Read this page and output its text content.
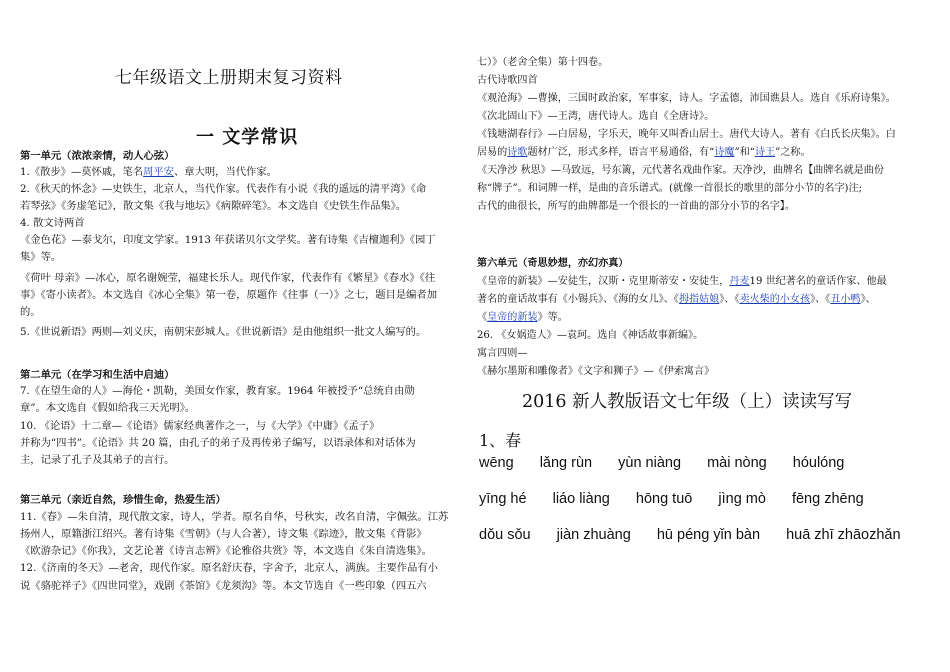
七年级语文上册期末复习资料
一 文学常识
第一单元（浓浓亲情，动人心弦）
1.《散步》—莫怀戚，笔名周平安、章大明，当代作家。
2.《秋天的怀念》—史铁生，北京人，当代作家。代表作有小说《我的遥远的清平湾》《命
若琴弦》《务虚笔记》，散文集《我与地坛》《病隙碎笔》。本文选自《史铁生作品集》。
4. 散文诗两首
《金色花》—泰戈尔，印度文学家。1913 年获诺贝尔文学奖。著有诗集《吉檀迦利》《园丁
集》等。
《荷叶 母亲》—冰心，原名谢婉莹，福建长乐人。现代作家，代表作有《繁星》《春水》《往
事》《寄小读者》。本文选自《冰心全集》第一卷，原题作《往事（一）》之七，题目是编者加
的。
5.《世说新语》两则—刘义庆，南朝宋彭城人。《世说新语》是由他组织一批文人编写的。
第二单元（在学习和生活中启迪）
7.《在望生命的人》—海伦・凯勒，美国女作家，教育家。1964 年被授予“总统自由勋
章”。本文选自《假如给我三天光明》。
10. 《论语》十二章—《论语》儒家经典著作之一，与《大学》《中庸》《孟子》
并称为“四书”。《论语》共 20 篇，由孔子的弟子及再传弟子编写，以语录体和对话体为
主，记录了孔子及其弟子的言行。
第三单元（亲近自然，珍惜生命，热爱生活）
11.《春》—朱自清，现代散文家，诗人，学者。原名自华，号秋实，改名自清，字佩弦。江苏
扬州人，原籍浙江绍兴。著有诗集《雪朝》（与人合著），诗文集《踪迹》，散文集《背影》
《欧游杂记》《你我》，文艺论著《诗言志辨》《论雅俗共赏》等，本文选自《朱自清选集》。
12.《济南的冬天》—老舍，现代作家。原名舒庆春，字舍予，北京人，满族。主要作品有小
说《骆驼祥子》《四世同堂》，戏剧《茶馆》《龙须沟》等。本文节选自《一些印象（四五六
七）》（老舍全集）第十四卷。
古代诗歌四首
《观沧海》—曹操，三国时政治家，军事家，诗人。字孟德，沛国谯县人。选自《乐府诗集》。
《次北固山下》—王湾，唐代诗人。选自《全唐诗》。
《钱塘湖春行》—白居易，字乐天，晚年又叫香山居士。唐代大诗人。著有《白氏长庆集》。白
居易的诗歌题材广泛，形式多样，语言平易通俗，有“诗魔”和“诗王”之称。
《天净沙 秋思》—马致远，号东篱，元代著名戏曲作家。天净沙，曲牌名【曲牌名就是曲份
称“牌子”。和词牌一样，是曲的音乐谱式。(就像一首很长的歌里的部分小节的名字)注;
古代的曲很长，所写的曲牌都是一个很长的一首曲的部分小节的名字】。
第六单元（奇思妙想，亦幻亦真）
《皇帝的新装》—安徒生，汉斯・克里斯蒂安・安徒生，丹麦19 世纪著名的童话作家、他最
著名的童话故事有《小锡兵》、《海的女儿》、《拇指姑娘》、《卖火柴的小女孩》、《丑小鸭》、
《皇帝的新装》等。
26. 《女娲造人》—袁珂。选自《神话故事新编》。
寓言四则—
《赫尔墨斯和雕像者》《文字和狮子》—《伊索寓言》
2016 新人教版语文七年级（上）读读写写
1、春
wēng lǎng rùn yùn niàng mài nòng hóulóng
yīng hé liáo liàng hōng tuō jìng mò fēng zhēng
dǒu sǒu jiàn zhuàng hū péng yǐn bàn huā zhī zhāozhǎn
